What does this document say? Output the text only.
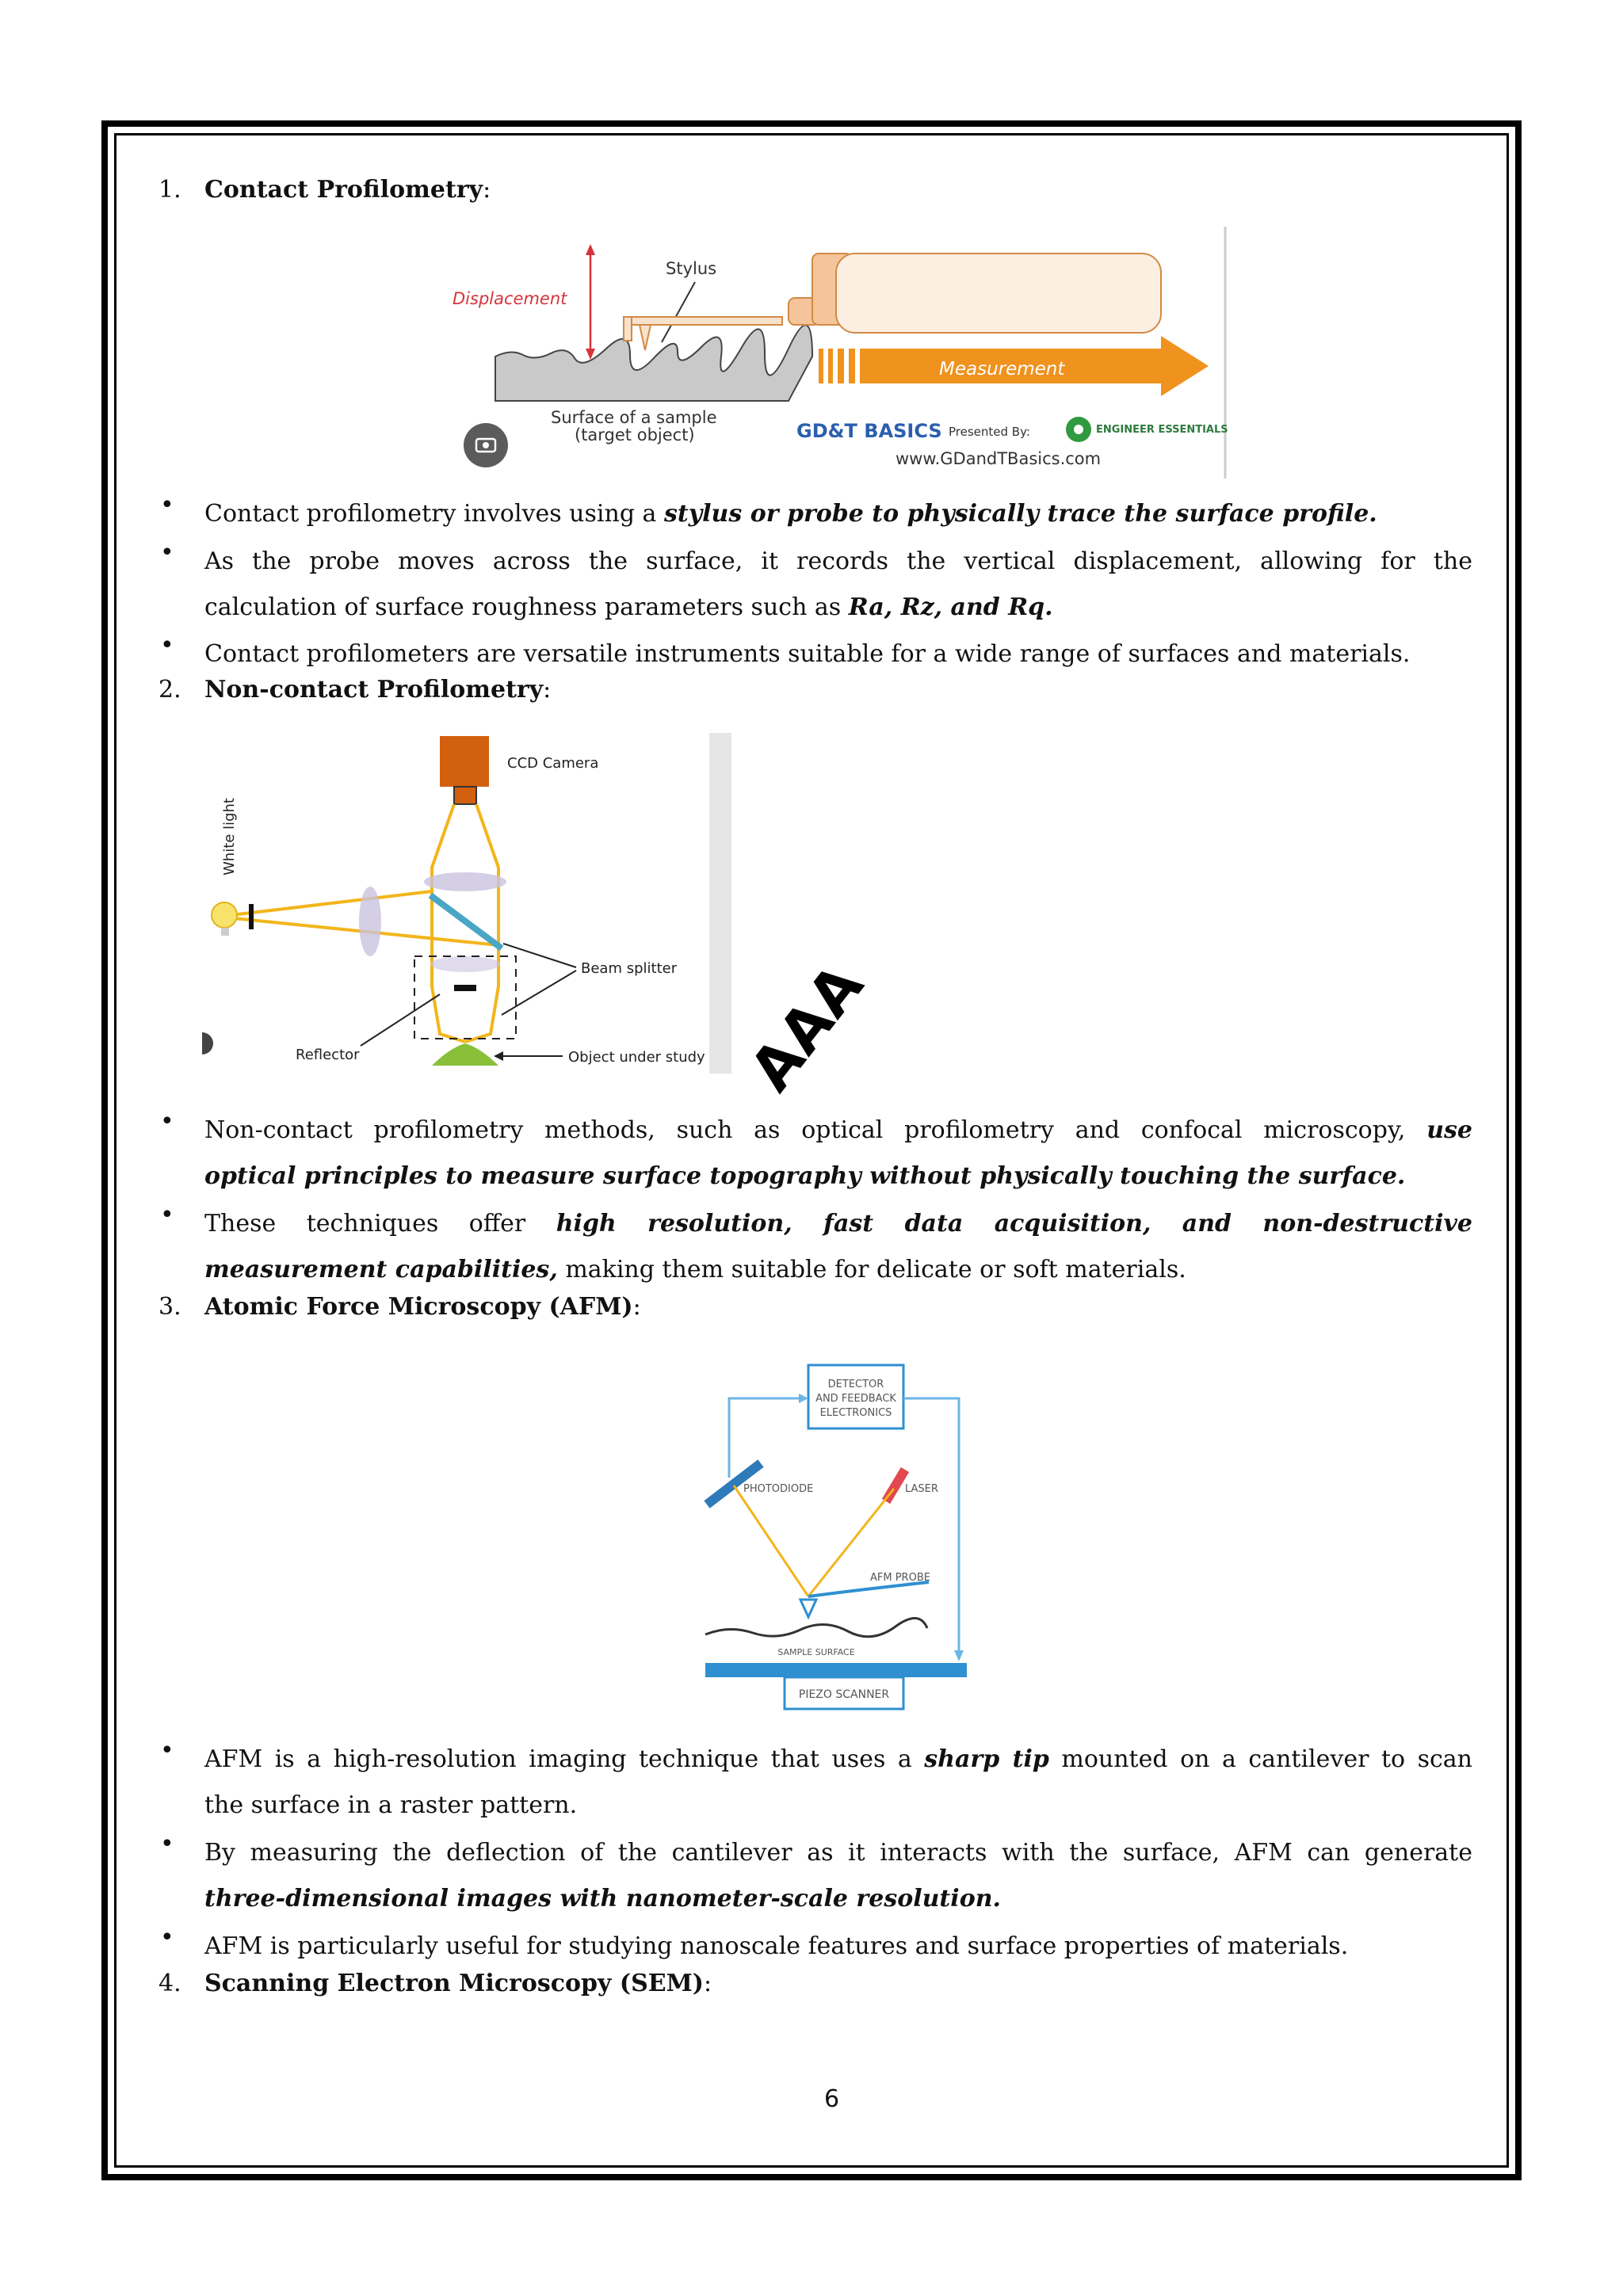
1. Contact Profilometry:
Displacement
Stylus
Measurement
Surface of a sample
(target object)	GD&T BASICS Presented By:	ENGINEER ESSENTIALS
www.GDandTBasics.com
• Contact profilometry involves using a stylus or probe to physically trace the surface profile.
• As the probe moves across the surface, it records the vertical displacement, allowing for the
calculation of surface roughness parameters such as Ra, Rz, and Rq.
• Contact profilometers are versatile instruments suitable for a wide range of surfaces and materials.
2. Non-contact Profilometry:
CCD Camera
White light
Beam splitter
Reflector	Object under study
• Non-contact profilometry methods, such as optical profilometry and confocal microscopy, use
optical principles to measure surface topography without physically touching the surface.
• These techniques offer high resolution, fast data acquisition, and non-destructive
measurement capabilities, making them suitable for delicate or soft materials.
3. Atomic Force Microscopy (AFM):
DETECTOR
AND FEEDBACK
ELECTRONICS
PHOTODIODE	LASER
AFM PROBE
SAMPLE SURFACE
PIEZO SCANNER
• AFM is a high-resolution imaging technique that uses a sharp tip mounted on a cantilever to scan
the surface in a raster pattern.
• By measuring the deflection of the cantilever as it interacts with the surface, AFM can generate
three-dimensional images with nanometer-scale resolution.
• AFM is particularly useful for studying nanoscale features and surface properties of materials.
4. Scanning Electron Microscopy (SEM):
AAA
6
